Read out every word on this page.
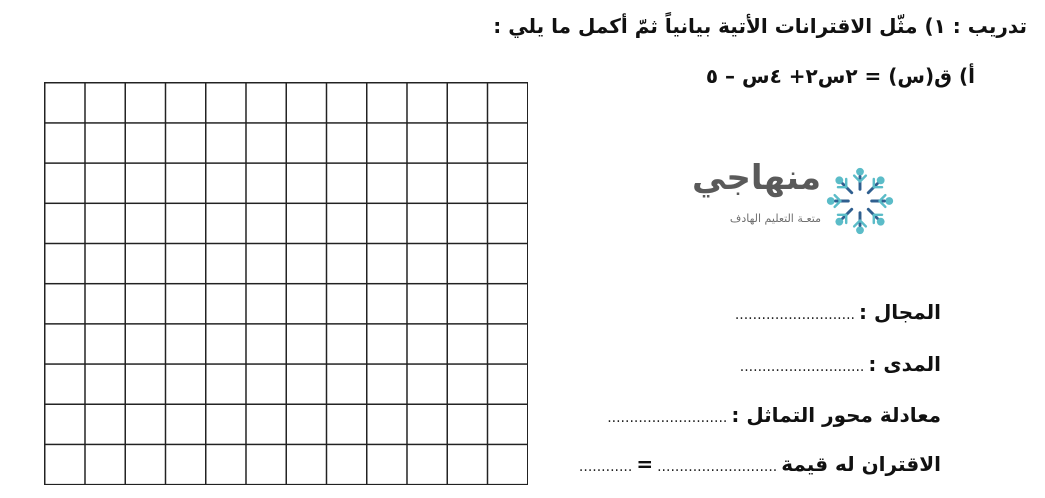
تدريب : ١) مثّل الاقترانات الأتية بيانياً ثمّ أكمل ما يلي :
أ) ق(س) = ٢س٢+ ٤س – ٥
منهاجي
متعـة التعليم الهادف
المجال :
...........................
المدى :
............................
معادلة محور التماثل :
...........................
الاقتران له قيمة
...........................
=
............
